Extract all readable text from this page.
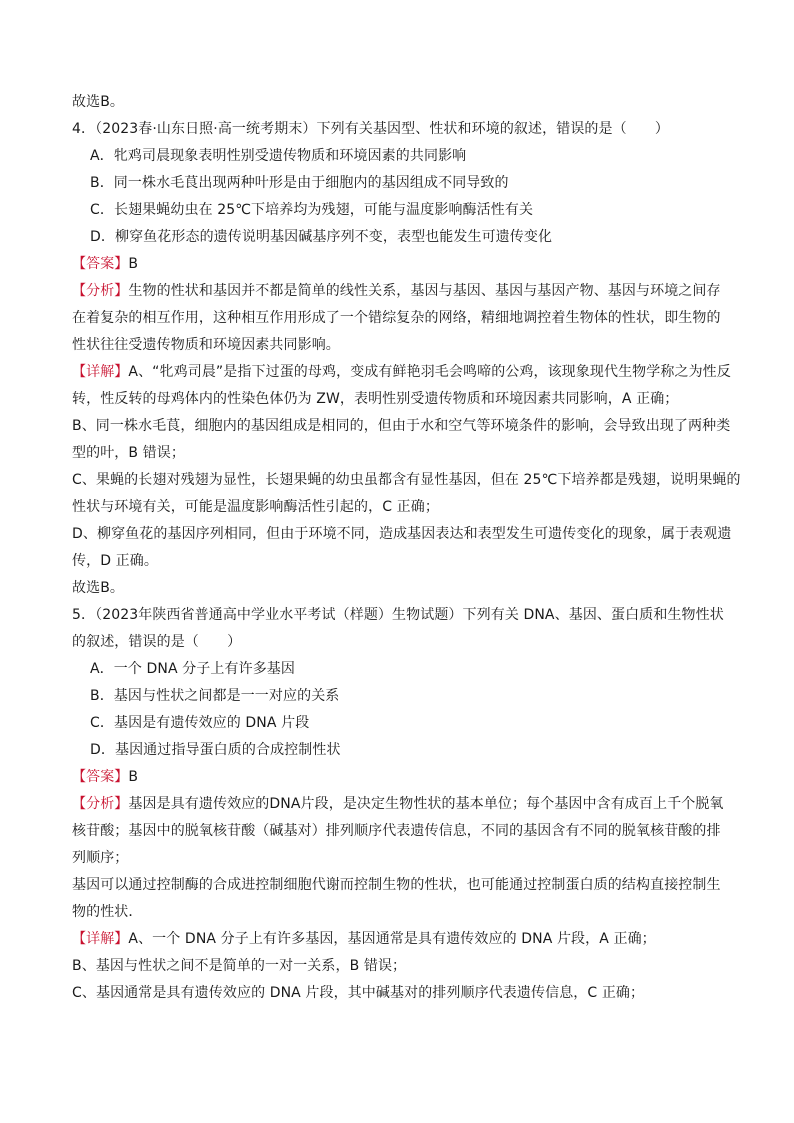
故选B。
4．（2023春·山东日照·高一统考期末）下列有关基因型、性状和环境的叙述，错误的是（　　）
A．牝鸡司晨现象表明性别受遗传物质和环境因素的共同影响
B．同一株水毛茛出现两种叶形是由于细胞内的基因组成不同导致的
C．长翅果蝇幼虫在 25℃下培养均为残翅，可能与温度影响酶活性有关
D．柳穿鱼花形态的遗传说明基因碱基序列不变，表型也能发生可遗传变化
【答案】B
【分析】生物的性状和基因并不都是简单的线性关系，基因与基因、基因与基因产物、基因与环境之间存
在着复杂的相互作用，这种相互作用形成了一个错综复杂的网络，精细地调控着生物体的性状，即生物的
性状往往受遗传物质和环境因素共同影响。
【详解】A、“牝鸡司晨”是指下过蛋的母鸡，变成有鲜艳羽毛会鸣啼的公鸡，该现象现代生物学称之为性反
转，性反转的母鸡体内的性染色体仍为 ZW，表明性别受遗传物质和环境因素共同影响，A 正确；
B、同一株水毛茛，细胞内的基因组成是相同的，但由于水和空气等环境条件的影响，会导致出现了两种类
型的叶，B 错误；
C、果蝇的长翅对残翅为显性，长翅果蝇的幼虫虽都含有显性基因，但在 25℃下培养都是残翅，说明果蝇的
性状与环境有关，可能是温度影响酶活性引起的，C 正确；
D、柳穿鱼花的基因序列相同，但由于环境不同，造成基因表达和表型发生可遗传变化的现象，属于表观遗
传，D 正确。
故选B。
5．（2023年陕西省普通高中学业水平考试（样题）生物试题）下列有关 DNA、基因、蛋白质和生物性状
的叙述，错误的是（　　）
A．一个 DNA 分子上有许多基因
B．基因与性状之间都是一一对应的关系
C．基因是有遗传效应的 DNA 片段
D．基因通过指导蛋白质的合成控制性状
【答案】B
【分析】基因是具有遗传效应的DNA片段，是决定生物性状的基本单位；每个基因中含有成百上千个脱氧
核苷酸；基因中的脱氧核苷酸（碱基对）排列顺序代表遗传信息，不同的基因含有不同的脱氧核苷酸的排
列顺序；
基因可以通过控制酶的合成进控制细胞代谢而控制生物的性状，也可能通过控制蛋白质的结构直接控制生
物的性状．
【详解】A、一个 DNA 分子上有许多基因，基因通常是具有遗传效应的 DNA 片段，A 正确；
B、基因与性状之间不是简单的一对一关系，B 错误；
C、基因通常是具有遗传效应的 DNA 片段，其中碱基对的排列顺序代表遗传信息，C 正确；
